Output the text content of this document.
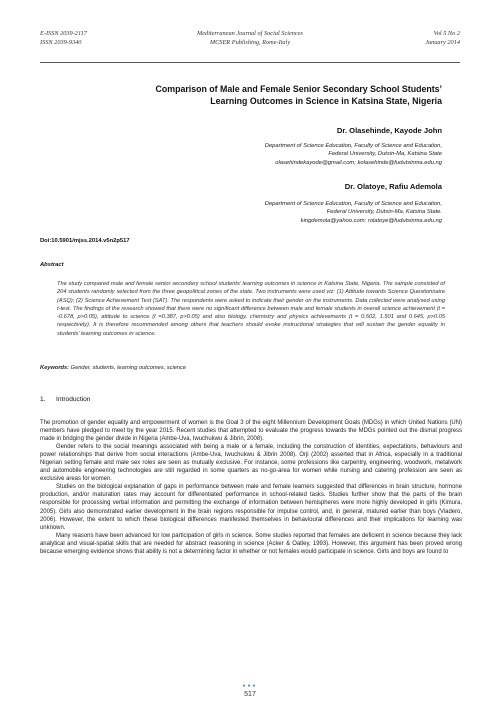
E-ISSN 2039-2117
ISSN 2039-9340
Mediterranean Journal of Social Sciences
MCSER Publishing, Rome-Italy
Vol 5 No 2
January 2014
Comparison of Male and Female Senior Secondary School Students’
Learning Outcomes in Science in Katsina State, Nigeria
Dr. Olasehinde, Kayode John
Department of Science Education, Faculty of Science and Education,
Federal University, Dutsin-Ma, Katsina State
olasehindekayode@gmail.com; kolasehinde@fudutsinma.edu.ng
Dr. Olatoye, Rafiu Ademola
Department of Science Education, Faculty of Science and Education,
Federal University, Dutsin-Ma, Katsina State.
kingdemola@yahoo.com; rolatoye@fudutsinma.edu.ng
Doi:10.5901/mjss.2014.v5n2p517
Abstract
The study compared male and female senior secondary school students’ learning outcomes in science in Katsina State, Nigeria. The sample consisted of 204 students randomly selected from the three geopolitical zones of the state. Two instruments were used viz: (1) Attitude towards Science Questionnaire (ASQ); (2) Science Achievement Test (SAT). The respondents were asked to indicate their gender on the instruments. Data collected were analysed using t-test. The findings of the research showed that there were no significant difference between male and female students in overall science achievement (t = -0.678, p>0.05), attitude to science (t =0.387, p>0.05) and also biology, chemistry and physics achievements (t = 0.502, 1.501 and 0.645, p>0.05 respectively). It is therefore recommended among others that teachers should evoke instructional strategies that will sustain the gender equality in students’ learning outcomes in science.
Keywords: Gender, students, learning outcomes, science
1. Introduction

The promotion of gender equality and empowerment of women is the Goal 3 of the eight Millennium Development Goals (MDGs) in which United Nations (UN) members have pledged to meet by the year 2015. Recent studies that attempted to evaluate the progress towards the MDGs pointed out the dismal progress made in bridging the gender divide in Nigeria (Ambe-Uva, Iwuchukwu & Jibrin, 2008).

Gender refers to the social meanings associated with being a male or a female, including the construction of identities, expectations, behaviours and power relationships that derive from social interactions (Ambe-Uva, Iwuchukwu & Jibrin 2008). Orji (2002) asserted that in Africa, especially in a traditional Nigerian setting female and male sex roles are seen as mutually exclusive. For instance, some professions like carpentry, engineering, woodwork, metalwork and automobile engineering technologies are still regarded in some quarters as no-go-area for women while nursing and catering profession are seen as exclusive areas for women.

Studies on the biological explanation of gaps in performance between male and female learners suggested that differences in brain structure, hormone production, and/or maturation rates may account for differentiated performance in school-related tasks. Studies further show that the parts of the brain responsible for processing verbal information and permitting the exchange of information between hemispheres were more highly developed in girls (Kimura, 2005). Girls also demonstrated earlier development in the brain regions responsible for impulse control, and, in general, matured earlier than boys (Viadero, 2006). However, the extent to which these biological differences manifested themselves in behavioural differences and their implications for learning was unknown.

Many reasons have been advanced for low participation of girls in science. Some studies reported that females are deficient in science because they lack analytical and visual-spatial skills that are needed for abstract reasoning in science (Acker & Oatley, 1993). However, this argument has been proved wrong because emerging evidence shows that ability is not a determining factor in whether or not females would participate in science. Girls and boys are found to

●●●
517
